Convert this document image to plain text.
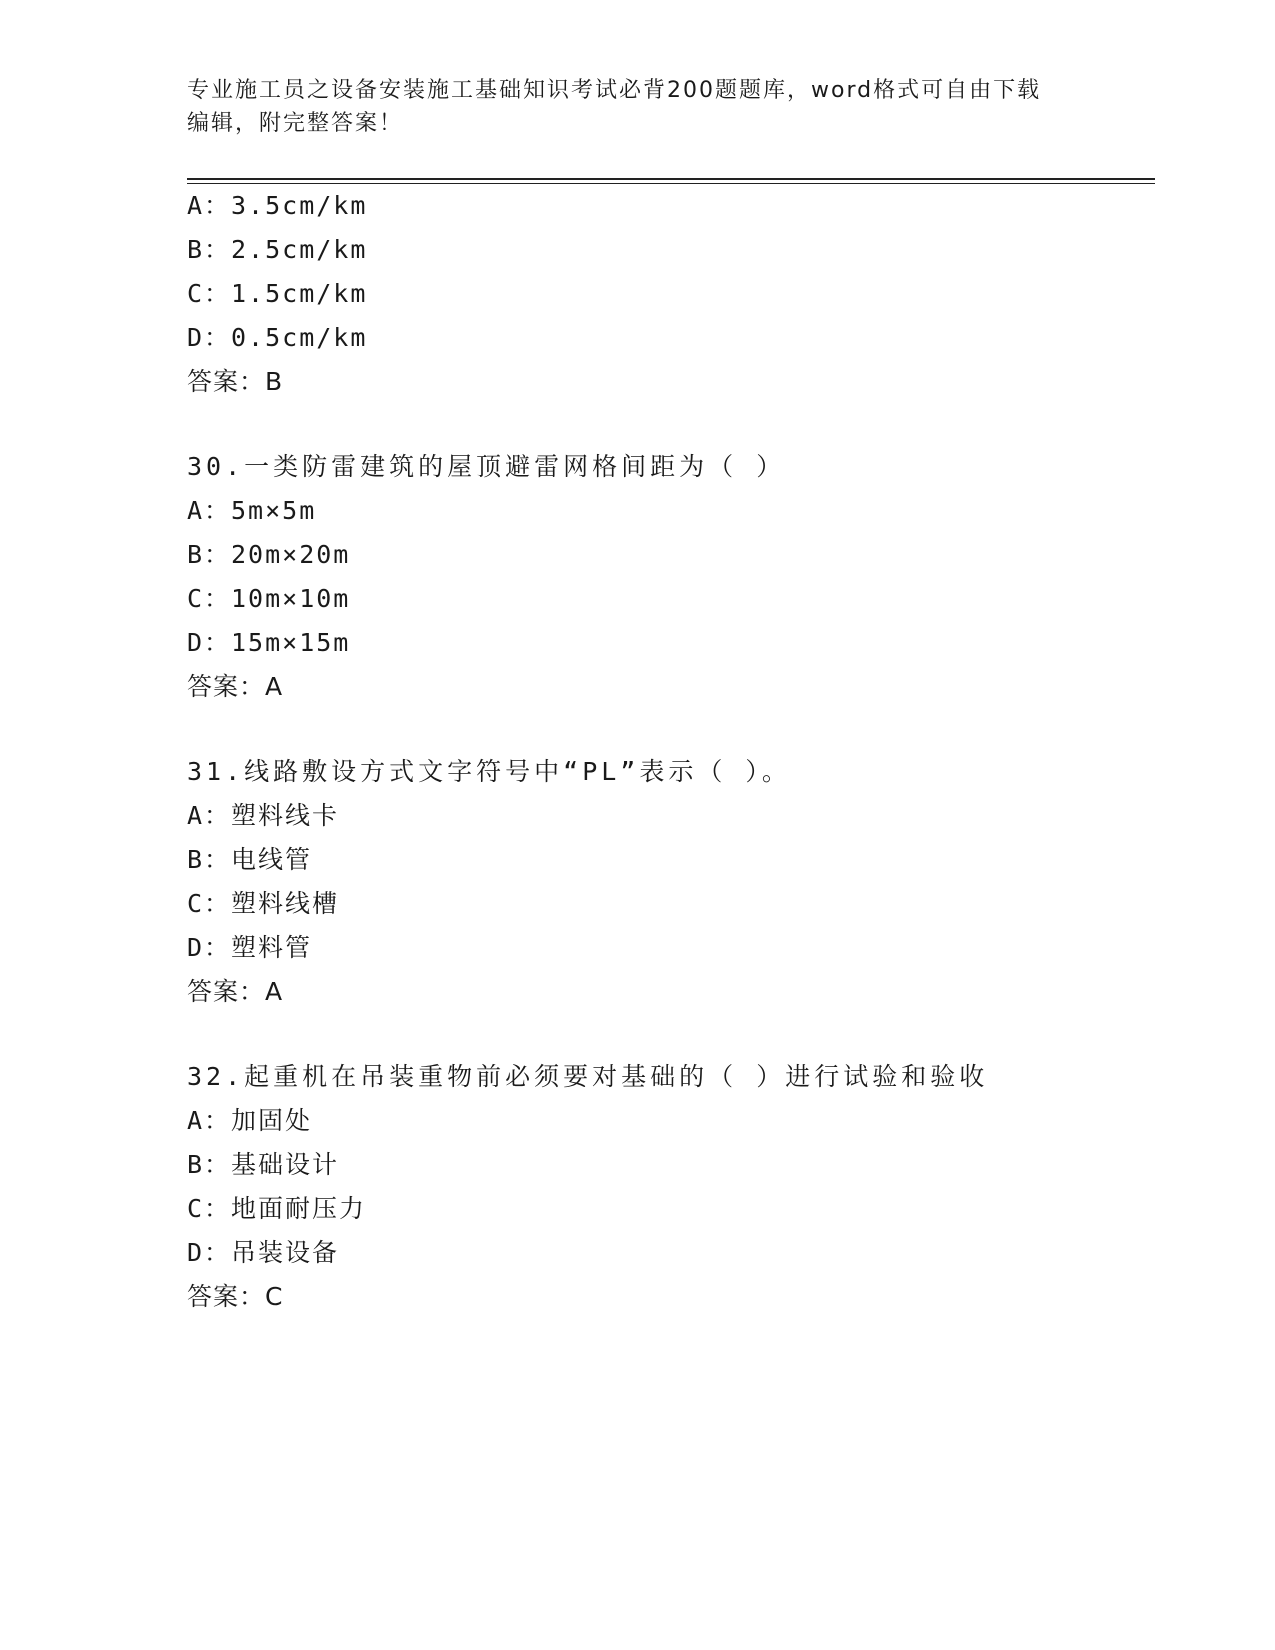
专业施工员之设备安装施工基础知识考试必背200题题库，word格式可自由下载
编辑，附完整答案！
A：3.5cm/km
B：2.5cm/km
C：1.5cm/km
D：0.5cm/km
答案：B
30.一类防雷建筑的屋顶避雷网格间距为（ ）
A：5m×5m
B：20m×20m
C：10m×10m
D：15m×15m
答案：A
31.线路敷设方式文字符号中“PL”表示（ ）。
A：塑料线卡
B：电线管
C：塑料线槽
D：塑料管
答案：A
32.起重机在吊装重物前必须要对基础的（ ）进行试验和验收
A：加固处
B：基础设计
C：地面耐压力
D：吊装设备
答案：C
